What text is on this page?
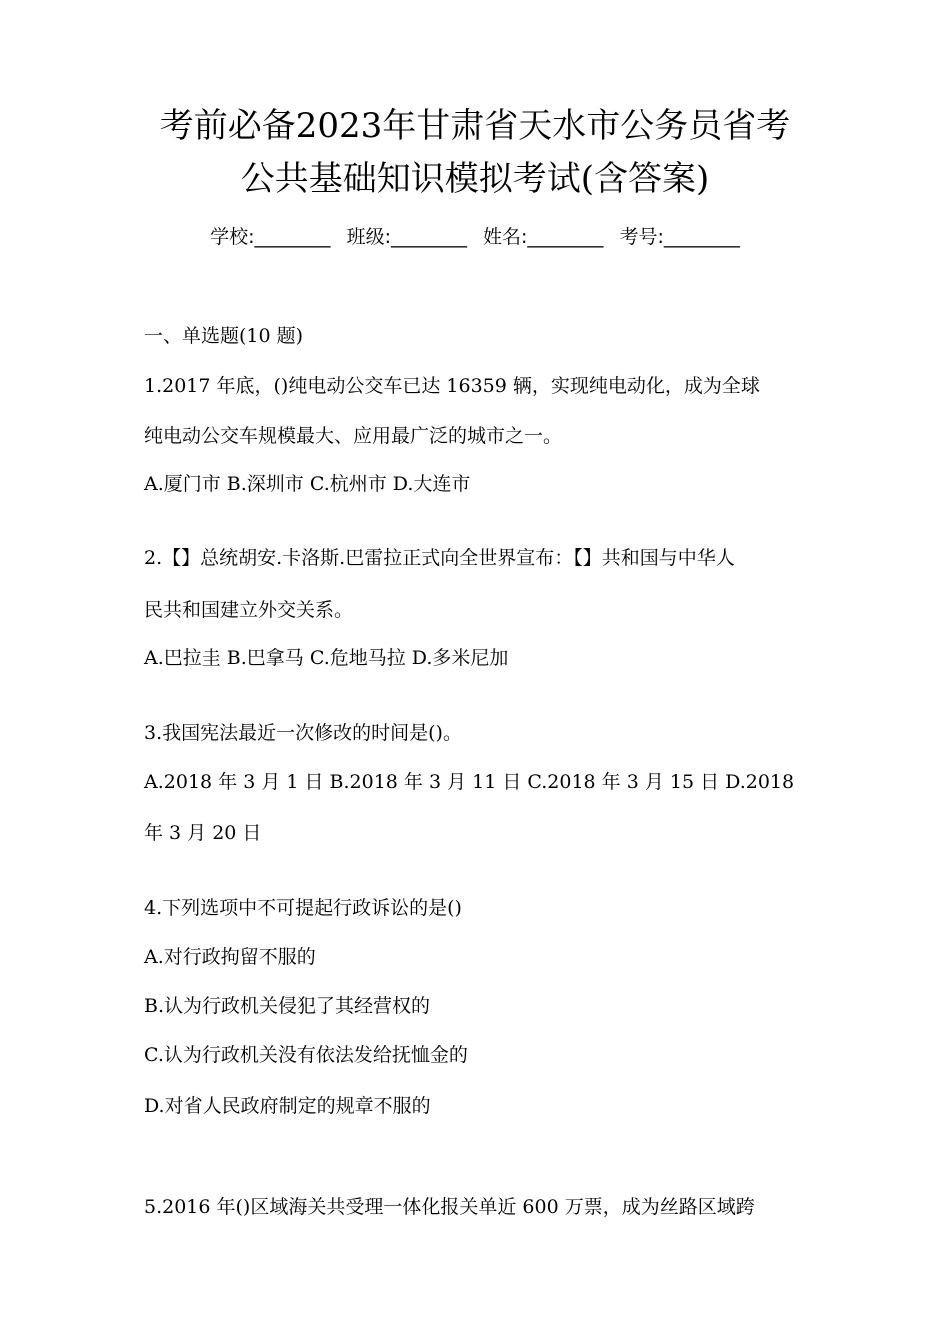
考前必备2023年甘肃省天水市公务员省考
公共基础知识模拟考试(含答案)
学校:________ 班级:________ 姓名:________ 考号:________
一、单选题(10 题)
1.2017 年底，()纯电动公交车已达 16359 辆，实现纯电动化，成为全球
纯电动公交车规模最大、应用最广泛的城市之一。
A.厦门市 B.深圳市 C.杭州市 D.大连市
2.【】总统胡安.卡洛斯.巴雷拉正式向全世界宣布：【】共和国与中华人
民共和国建立外交关系。
A.巴拉圭 B.巴拿马 C.危地马拉 D.多米尼加
3.我国宪法最近一次修改的时间是()。
A.2018 年 3 月 1 日 B.2018 年 3 月 11 日 C.2018 年 3 月 15 日 D.2018
年 3 月 20 日
4.下列选项中不可提起行政诉讼的是()
A.对行政拘留不服的
B.认为行政机关侵犯了其经营权的
C.认为行政机关没有依法发给抚恤金的
D.对省人民政府制定的规章不服的
5.2016 年()区域海关共受理一体化报关单近 600 万票，成为丝路区域跨
